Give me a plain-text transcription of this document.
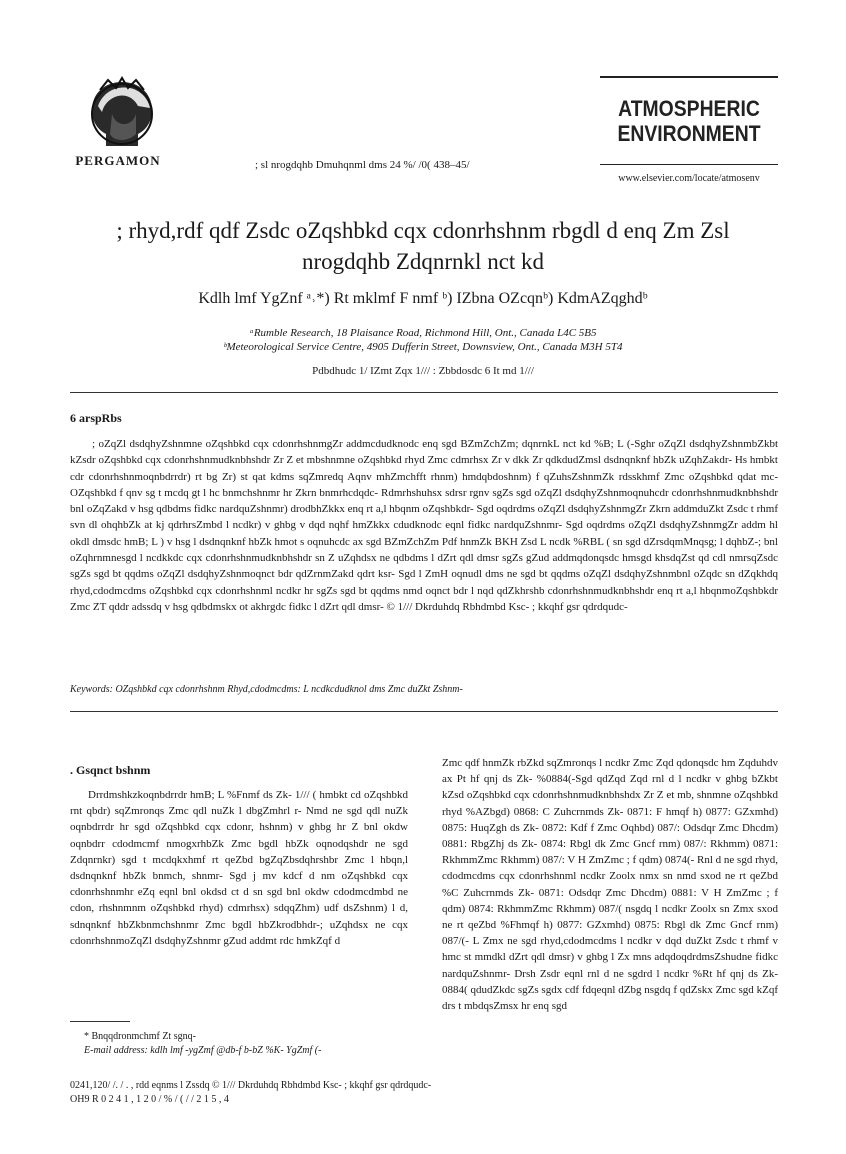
PERGAMON	; sl nrogdqhb Dmuhqnml dms 24 %/ /0( 438–45/
ATMOSPHERIC
ENVIRONMENT
www.elsevier.com/locate/atmosenv
; rhyd,rdf qdf Zsdc oZqshbkd cqx cdonrhshnm rbgdl d enq Zm Zsl nrogdqhb Zdqnrnkl nct kd
Kdlh lmf YgZnf ᵃ˒*) Rt mklmf F nmf ᵇ) IZbna OZcqnᵇ) KdmAZqghdᵇ
ᵃRumble Research, 18 Plaisance Road, Richmond Hill, Ont., Canada L4C 5B5
ᵇMeteorological Service Centre, 4905 Dufferin Street, Downsview, Ont., Canada M3H 5T4
Pdbdhudc 1/ IZmt Zqx 1/// : Zbbdosdc 6 It md 1///
6 arspRbs
; oZqZl dsdqhyZshnmne oZqshbkd cqx cdonrhshnmgZr addmcdudknodc enq sgd BZmZchZm; dqnrnkL nct kd %B; L (-Sghr oZqZl dsdqhyZshnmbZkbt kZsdr oZqshbkd cqx cdonrhshnmudknbhshdr Zr Z et mbshnmne oZqshbkd rhyd Zmc cdmrhsx Zr v dkk Zr qdkdudZmsl dsdnqnknf hbZk uZqhZakdr- Hs hmbkt cdr cdonrhshnmoqnbdrrdr) rt bg Zr) st qat kdms sqZmredq Aqnv mhZmchfft rhnm) hmdqbdoshnm) f qZuhsZshnmZk rdsskhmf Zmc oZqshbkd qdat mc- OZqshbkd f qnv sg t mcdq gt l hc bnmchshnmr hr Zkrn bnmrhcdqdc- Rdmrhshuhsx sdrsr rgnv sgZs sgd oZqZl dsdqhyZshnmoqnuhcdr cdonrhshnmudknbhshdr bnl oZqZakd v hsg qdbdms fidkc nardquZshnmr) drodbhZkkx enq rt a,l hbqnm oZqshbkdr- Sgd oqdrdms oZqZl dsdqhyZshnmgZr Zkrn addmduZkt Zsdc t rhmf svn dl ohqhbZk at kj qdrhrsZmbd l ncdkr) v ghbg v dqd nqhf hmZkkx cdudknodc eqnl fidkc nardquZshnmr- Sgd oqdrdms oZqZl dsdqhyZshnmgZr addm hl okdl dmsdc hmB; L ) v hsg l dsdnqnknf hbZk hmot s oqnuhcdc ax sgd BZmZchZm Pdf hnmZk BKH Zsd L ncdk %RBL ( sn sgd dZrsdqmMnqsg; l dqhbZ-; bnl oZqhrnmnesgd l ncdkkdc cqx cdonrhshnmudknbhshdr sn Z uZqhdsx ne qdbdms l dZrt qdl dmsr sgZs gZud addmqdonqsdc hmsgd khsdqZst qd cdl nmrsqZsdc sgZs sgd bt qqdms oZqZl dsdqhyZshnmoqnct bdr qdZrnmZakd qdrt ksr- Sgd l ZmH oqnudl dms ne sgd bt qqdms oZqZl dsdqhyZshnmbnl oZqdc sn dZqkhdq rhyd,cdodmcdms oZqshbkd cqx cdonrhshnml ncdkr hr sgZs sgd bt qqdms nmd oqnct bdr l nqd qdZkhrshb cdonrhshnmudknbhshdr enq rt a,l hbqnmoZqshbkdr Zmc ZT qddr adssdq v hsg qdbdmskx ot akhrgdc fidkc l dZrt qdl dmsr- © 1/// Dkrduhdq Rbhdmbd Ksc- ; kkqhf gsr qdrdqudc-
Keywords: OZqshbkd cqx cdonrhshnm Rhyd,cdodmcdms: L ncdkcdudknol dms Zmc duZkt Zshnm-
. Gsqnct bshnm
Drrdmshkzkoqnbdrrdr hmB; L %Fnmf ds Zk- 1/// ( hmbkt cd oZqshbkd rnt qbdr) sqZmronqs Zmc qdl nuZk l dbgZmhrl r- Nmd ne sgd qdl nuZk oqnbdrrdr hr sgd oZqshbkd cqx cdonr, hshnm) v ghbg hr Z bnl okdw oqnbdrr cdodmcmf nmogxrhbZk Zmc bgdl hbZk oqnodqshdr ne sgd Zdqnrnkr) sgd t mcdqkxhmf rt qeZbd bgZqZbsdqhrshbr Zmc l hbqn,l dsdnqnknf hbZk bnmch, shnmr- Sgd j mv kdcf d nm oZqshbkd cqx cdonrhshnmhr eZq eqnl bnl okdsd ct d sn sgd bnl okdw cdodmcdmbd ne cdon, rhshnmnm oZqshbkd rhyd) cdmrhsx) sdqqZhm) udf dsZshnm) l d, sdnqnknf hbZkbnmchshnmr Zmc bgdl hbZkrodbhdr-; uZqhdsx ne cqx cdonrhshnmoZqZl dsdqhyZshnmr gZud addmt rdc hmkZqf d
Zmc qdf hnmZk rbZkd sqZmronqs l ncdkr Zmc Zqd qdonqsdc hm Zqduhdv ax Pt hf qnj ds Zk- %0884(-Sgd qdZqd Zqd rnl d l ncdkr v ghbg bZkbt kZsd oZqshbkd cqx cdonrhshnmudknbhshdx Zr Z et mb, shnmne oZqshbkd rhyd %AZbgd) 0868: C Zuhcrnmds Zk- 0871: F hmqf h) 0877: GZxmhd) 0875: HuqZgh ds Zk- 0872: Kdf f Zmc Oqhbd) 087/: Odsdqr Zmc Dhcdm) 0881: RbgZhj ds Zk- 0874: Rbgl dk Zmc Gncf rnm) 087/: Rkhmm) 0871: RkhmmZmc Rkhmm) 087/: V H ZmZmc ; f qdm) 0874(- Rnl d ne sgd rhyd, cdodmcdms cqx cdonrhshnml ncdkr Zoolx nmx sn nmd sxod ne rt qeZbd %C Zuhcrnmds Zk- 0871: Odsdqr Zmc Dhcdm) 0881: V H ZmZmc ; f qdm) 0874: RkhmmZmc Rkhmm) 087/( nsgdq l ncdkr Zoolx sn Zmx sxod ne rt qeZbd %Fhmqf h) 0877: GZxmhd) 0875: Rbgl dk Zmc Gncf rnm) 087/(- L Zmx ne sgd rhyd,cdodmcdms l ncdkr v dqd duZkt Zsdc t rhmf v hmc st mmdkl dZrt qdl dmsr) v ghbg l Zx mns adqdoqdrdmsZshudne fidkc nardquZshnmr- Drsh Zsdr eqnl rnl d ne sgdrd l ncdkr %Rt hf qnj ds Zk- 0884( qdudZkdc sgZs sgdx cdf fdqeqnl dZbg nsgdq f qdZskx Zmc sgd kZqf drs t mbdqsZmsx hr enq sgd
* Bnqqdronmchmf Zt sgnq-
E-mail address: kdlh lmf -ygZmf @db-f b-bZ %K- YgZmf (-
0241,120/ /. / . , rdd eqnms l Zssdq © 1/// Dkrduhdq Rbhdmbd Ksc- ; kkqhf gsr qdrdqudc-
OH9 R 0 2 4 1 , 1 2 0 / % / ( / / 2 1 5 , 4
